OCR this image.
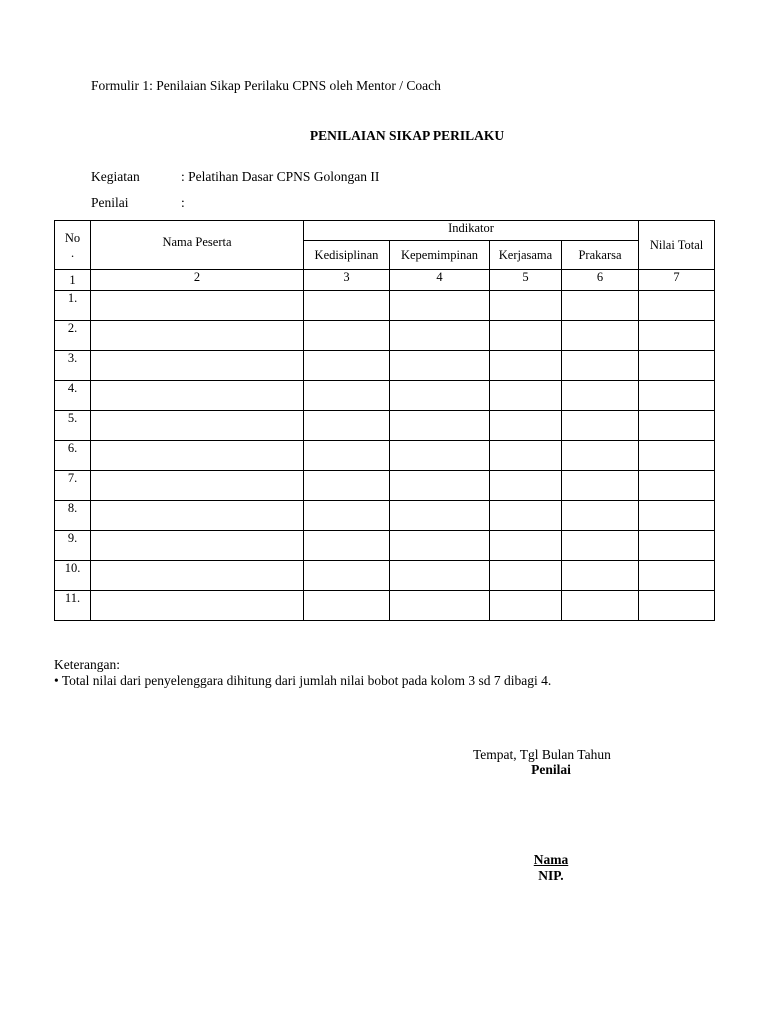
Formulir 1: Penilaian Sikap Perilaku CPNS oleh Mentor / Coach
PENILAIAN SIKAP PERILAKU
Kegiatan	: Pelatihan Dasar CPNS Golongan II
Penilai	:
No
.	Nama Peserta	Indikator				Nilai Total
		Kedisiplinan	Kepemimpinan	Kerjasama	Prakarsa	
1	2	3	4	5	6	7
1.						
2.						
3.						
4.						
5.						
6.						
7.						
8.						
9.						
10.						
11.						
Keterangan:
• Total nilai dari penyelenggara dihitung dari jumlah nilai bobot pada kolom 3 sd 7 dibagi 4.
Tempat, Tgl Bulan Tahun
Penilai
Nama
NIP.
